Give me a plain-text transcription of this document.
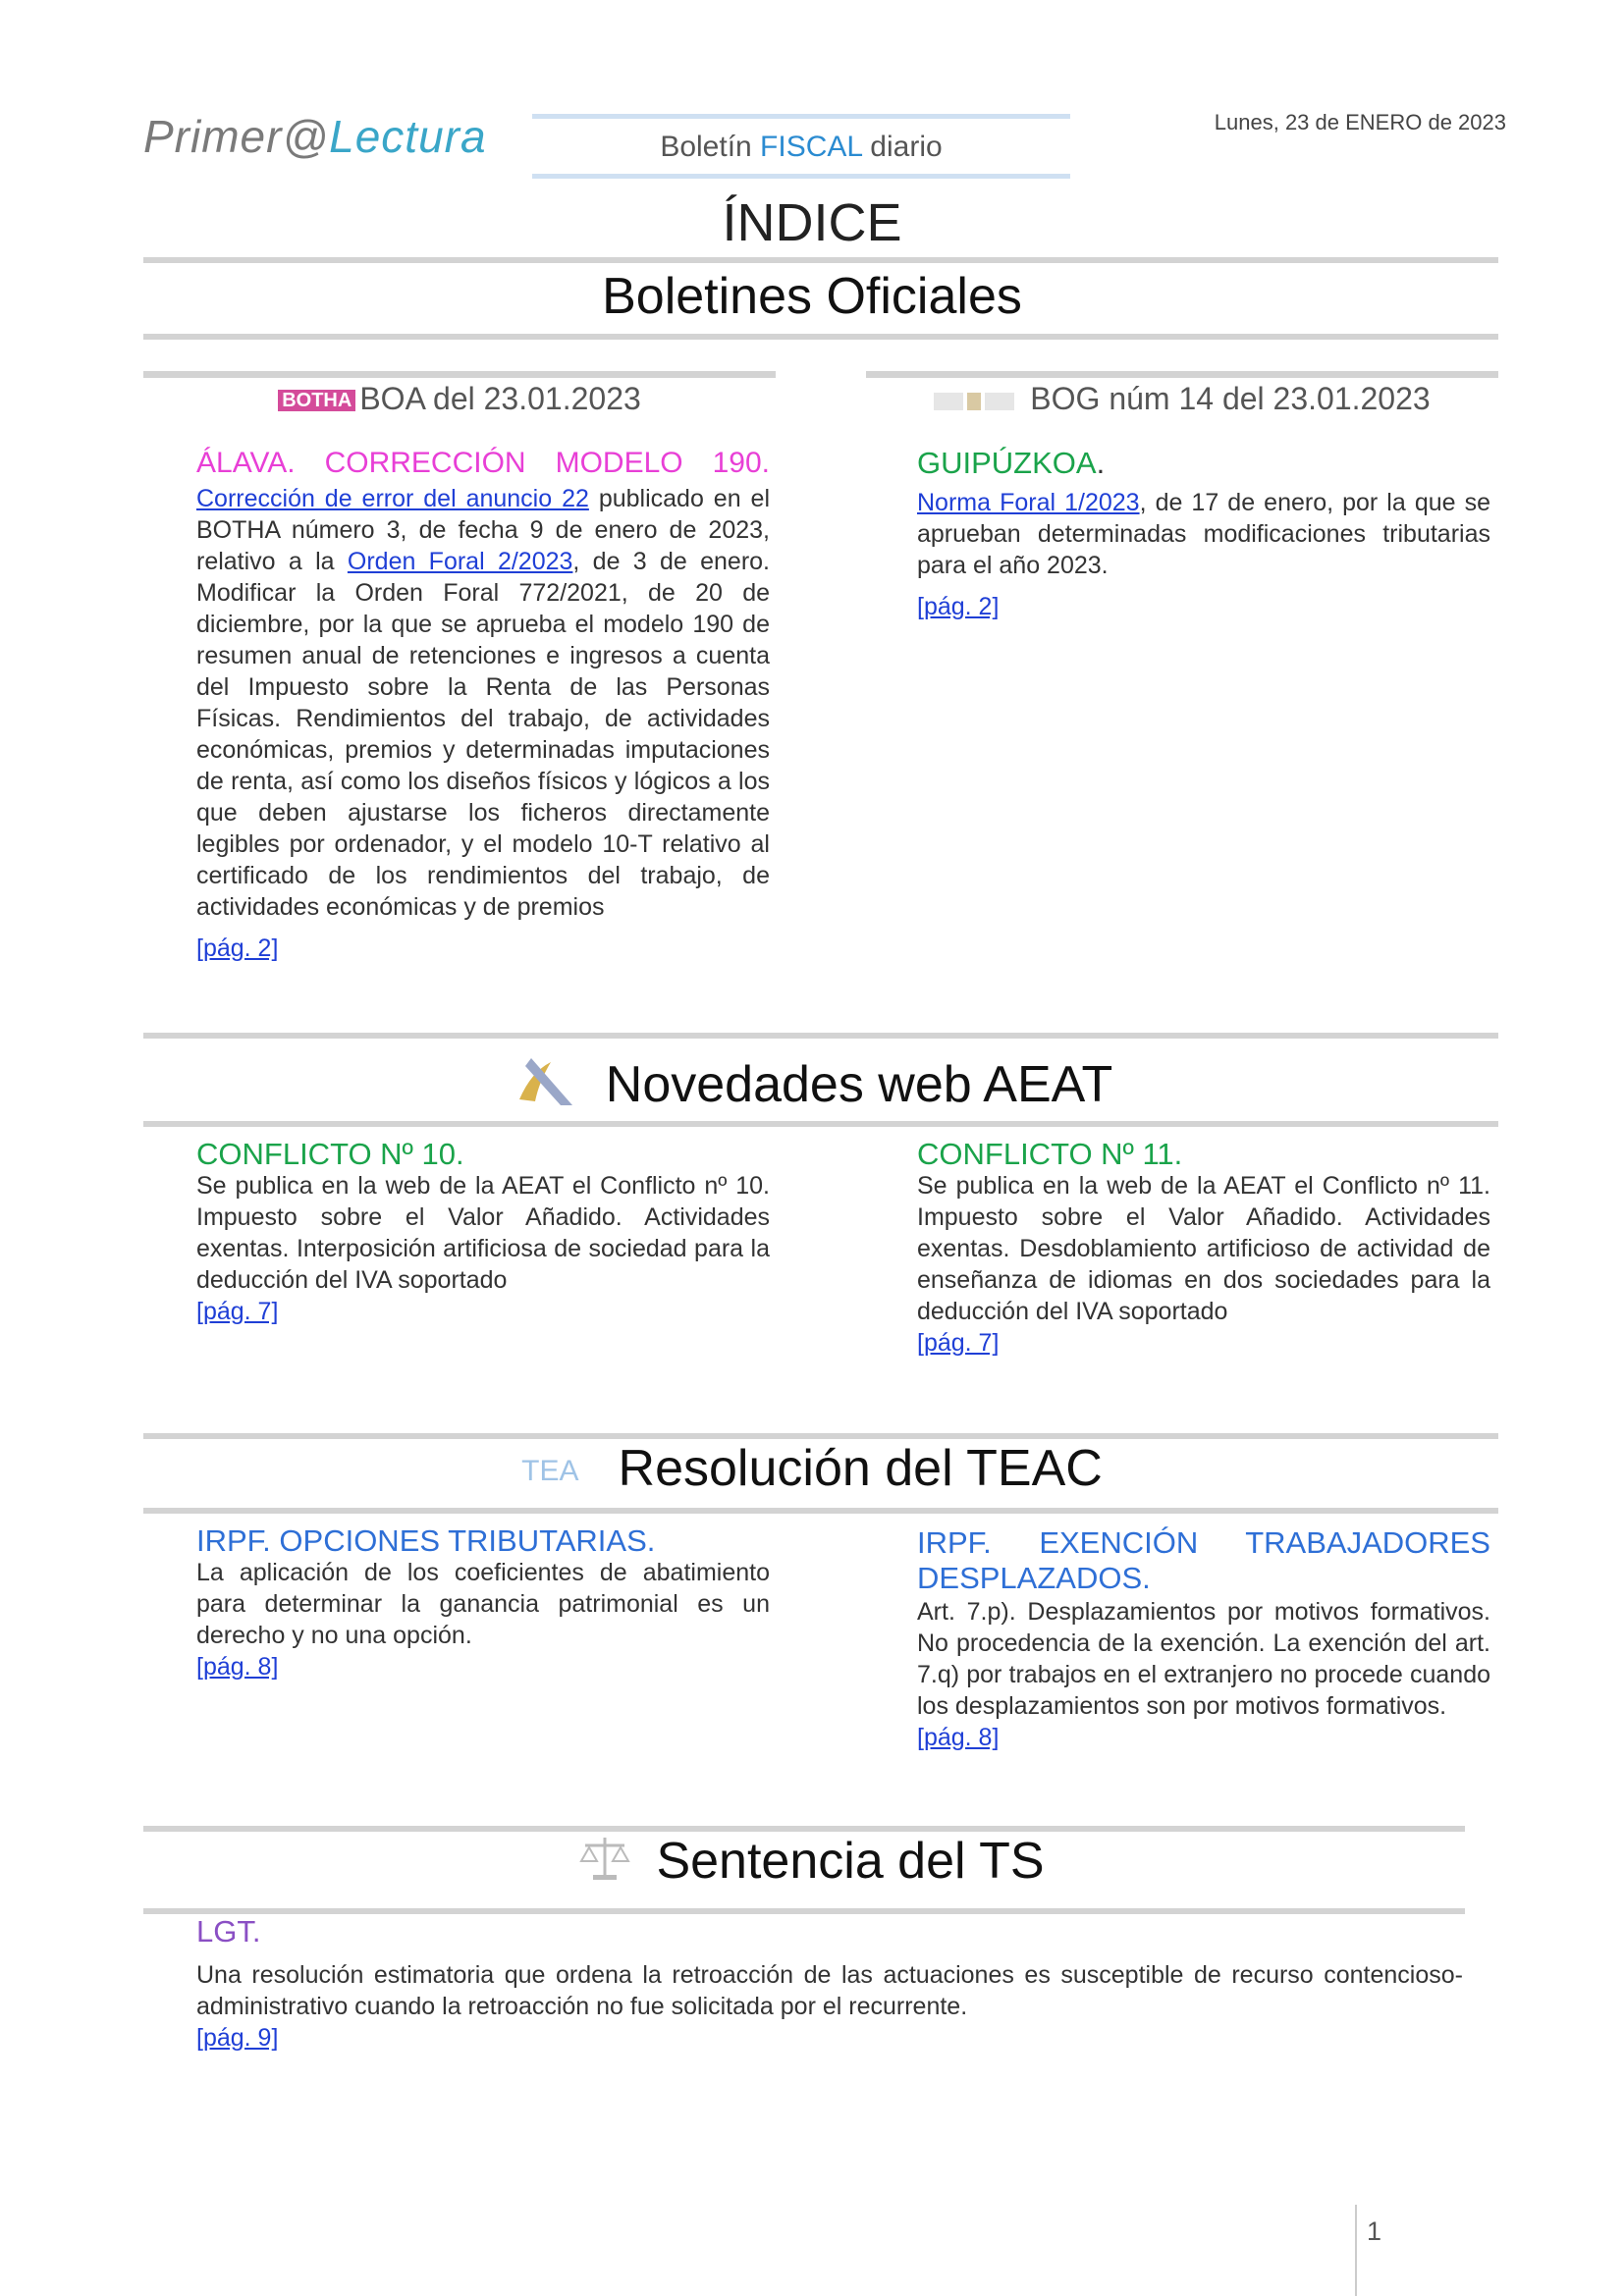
Primer@Lectura	Boletín FISCAL diario
Lunes, 23 de ENERO de 2023
ÍNDICE
Boletines Oficiales
BOTHA BOA del 23.01.2023	BOG núm 14 del 23.01.2023
ÁLAVA. CORRECCIÓN MODELO 190.
Corrección de error del anuncio 22 publicado en el BOTHA número 3, de fecha 9 de enero de 2023, relativo a la Orden Foral 2/2023, de 3 de enero. Modificar la Orden Foral 772/2021, de 20 de diciembre, por la que se aprueba el modelo 190 de resumen anual de retenciones e ingresos a cuenta del Impuesto sobre la Renta de las Personas Físicas. Rendimientos del trabajo, de actividades económicas, premios y determinadas imputaciones de renta, así como los diseños físicos y lógicos a los que deben ajustarse los ficheros directamente legibles por ordenador, y el modelo 10-T relativo al certificado de los rendimientos del trabajo, de actividades económicas y de premios
[pág. 2]
GUIPÚZKOA.
Norma Foral 1/2023, de 17 de enero, por la que se aprueban determinadas modificaciones tributarias para el año 2023.
[pág. 2]
Novedades web AEAT
CONFLICTO Nº 10.
Se publica en la web de la AEAT el Conflicto nº 10. Impuesto sobre el Valor Añadido. Actividades exentas. Interposición artificiosa de sociedad para la deducción del IVA soportado
[pág. 7]
CONFLICTO Nº 11.
Se publica en la web de la AEAT el Conflicto nº 11. Impuesto sobre el Valor Añadido. Actividades exentas. Desdoblamiento artificioso de actividad de enseñanza de idiomas en dos sociedades para la deducción del IVA soportado
[pág. 7]
TEA Resolución del TEAC
IRPF. OPCIONES TRIBUTARIAS.
La aplicación de los coeficientes de abatimiento para determinar la ganancia patrimonial es un derecho y no una opción.
[pág. 8]
IRPF. EXENCIÓN TRABAJADORES DESPLAZADOS.
Art. 7.p). Desplazamientos por motivos formativos. No procedencia de la exención. La exención del art. 7.q) por trabajos en el extranjero no procede cuando los desplazamientos son por motivos formativos.
[pág. 8]
Sentencia del TS
LGT.
Una resolución estimatoria que ordena la retroacción de las actuaciones es susceptible de recurso contencioso-administrativo cuando la retroacción no fue solicitada por el recurrente.
[pág. 9]
1
